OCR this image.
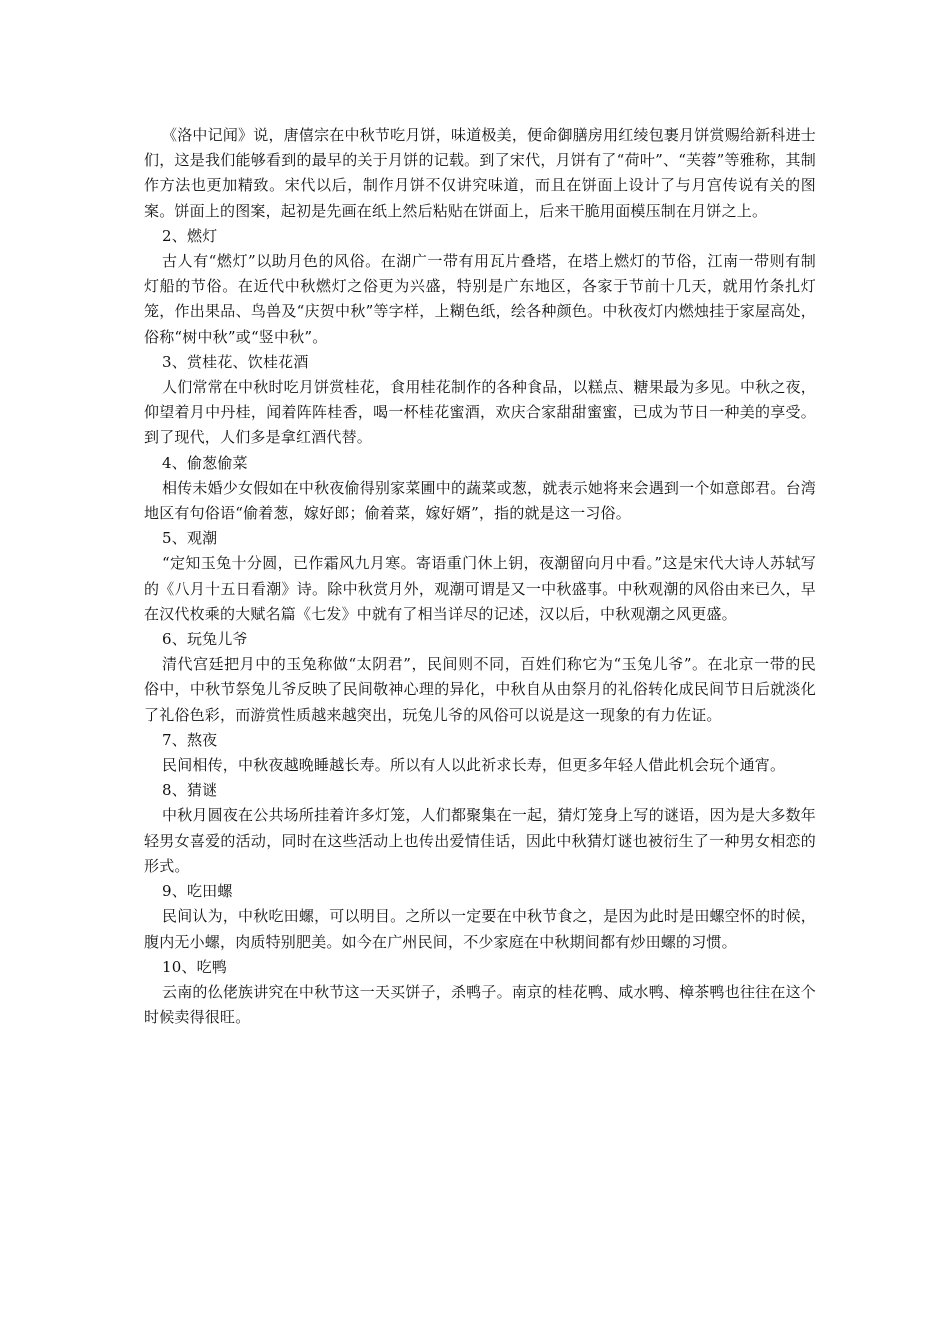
《洛中记闻》说，唐僖宗在中秋节吃月饼，味道极美，便命御膳房用红绫包裹月饼赏赐给新科进士们，这是我们能够看到的最早的关于月饼的记载。到了宋代，月饼有了“荷叶”、“芙蓉”等雅称，其制作方法也更加精致。宋代以后，制作月饼不仅讲究味道，而且在饼面上设计了与月宫传说有关的图案。饼面上的图案，起初是先画在纸上然后粘贴在饼面上，后来干脆用面模压制在月饼之上。

2、燃灯

古人有“燃灯”以助月色的风俗。在湖广一带有用瓦片叠塔，在塔上燃灯的节俗，江南一带则有制灯船的节俗。在近代中秋燃灯之俗更为兴盛，特别是广东地区，各家于节前十几天，就用竹条扎灯笼，作出果品、鸟兽及“庆贺中秋”等字样，上糊色纸，绘各种颜色。中秋夜灯内燃烛挂于家屋高处，俗称“树中秋”或“竖中秋”。

3、赏桂花、饮桂花酒

人们常常在中秋时吃月饼赏桂花，食用桂花制作的各种食品，以糕点、糖果最为多见。中秋之夜，仰望着月中丹桂，闻着阵阵桂香，喝一杯桂花蜜酒，欢庆合家甜甜蜜蜜，已成为节日一种美的享受。到了现代，人们多是拿红酒代替。

4、偷葱偷菜

相传未婚少女假如在中秋夜偷得别家菜圃中的蔬菜或葱，就表示她将来会遇到一个如意郎君。台湾地区有句俗语“偷着葱，嫁好郎；偷着菜，嫁好婿”，指的就是这一习俗。

5、观潮

“定知玉兔十分圆，已作霜风九月寒。寄语重门休上钥，夜潮留向月中看。”这是宋代大诗人苏轼写的《八月十五日看潮》诗。除中秋赏月外，观潮可谓是又一中秋盛事。中秋观潮的风俗由来已久，早在汉代枚乘的大赋名篇《七发》中就有了相当详尽的记述，汉以后，中秋观潮之风更盛。

6、玩兔儿爷

清代宫廷把月中的玉兔称做“太阴君”，民间则不同，百姓们称它为“玉兔儿爷”。在北京一带的民俗中，中秋节祭兔儿爷反映了民间敬神心理的异化，中秋自从由祭月的礼俗转化成民间节日后就淡化了礼俗色彩，而游赏性质越来越突出，玩兔儿爷的风俗可以说是这一现象的有力佐证。

7、熬夜

民间相传，中秋夜越晚睡越长寿。所以有人以此祈求长寿，但更多年轻人借此机会玩个通宵。

8、猜谜

中秋月圆夜在公共场所挂着许多灯笼，人们都聚集在一起，猜灯笼身上写的谜语，因为是大多数年轻男女喜爱的活动，同时在这些活动上也传出爱情佳话，因此中秋猜灯谜也被衍生了一种男女相恋的形式。

9、吃田螺

民间认为，中秋吃田螺，可以明目。之所以一定要在中秋节食之，是因为此时是田螺空怀的时候，腹内无小螺，肉质特别肥美。如今在广州民间，不少家庭在中秋期间都有炒田螺的习惯。

10、吃鸭

云南的仫佬族讲究在中秋节这一天买饼子，杀鸭子。南京的桂花鸭、咸水鸭、樟茶鸭也往往在这个时候卖得很旺。
